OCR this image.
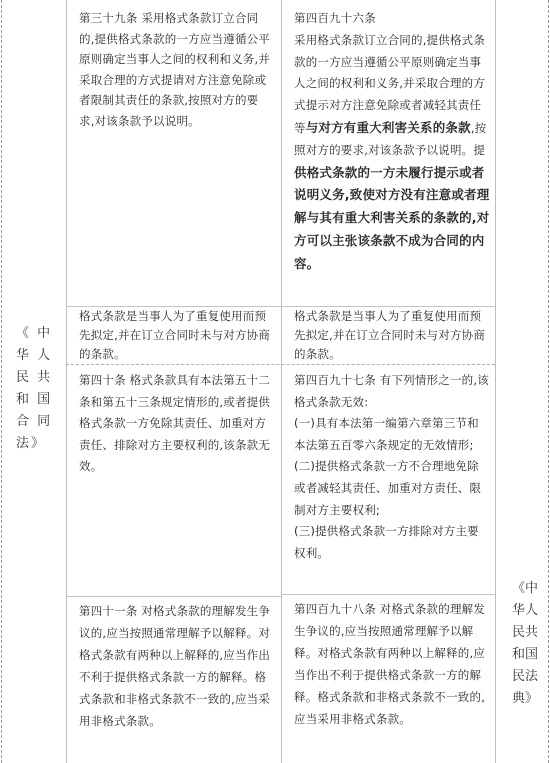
《 中
华 人
民 共
和 国
合 同
法》
《中
华人
民共
和国
民法
典》

第三十九条 采用格式条款订立合同的,提供格式条款的一方应当遵循公平原则确定当事人之间的权利和义务,并采取合理的方式提请对方注意免除或者限制其责任的条款,按照对方的要求,对该条款予以说明。

第四百九十六条

采用格式条款订立合同的,提供格式条款的一方应当遵循公平原则确定当事人之间的权利和义务,并采取合理的方式提示对方注意免除或者减轻其责任等与对方有重大利害关系的条款,按照对方的要求,对该条款予以说明。提供格式条款的一方未履行提示或者说明义务,致使对方没有注意或者理解与其有重大利害关系的条款的,对方可以主张该条款不成为合同的内容。

格式条款是当事人为了重复使用而预先拟定,并在订立合同时未与对方协商的条款。

格式条款是当事人为了重复使用而预先拟定,并在订立合同时未与对方协商的条款。

第四十条 格式条款具有本法第五十二条和第五十三条规定情形的,或者提供格式条款一方免除其责任、加重对方责任、排除对方主要权利的,该条款无效。

第四百九十七条 有下列情形之一的,该格式条款无效:

(一)具有本法第一编第六章第三节和本法第五百零六条规定的无效情形;

(二)提供格式条款一方不合理地免除或者减轻其责任、加重对方责任、限制对方主要权利;

(三)提供格式条款一方排除对方主要权利。

第四十一条 对格式条款的理解发生争议的,应当按照通常理解予以解释。对格式条款有两种以上解释的,应当作出不利于提供格式条款一方的解释。格式条款和非格式条款不一致的,应当采用非格式条款。

第四百九十八条 对格式条款的理解发生争议的,应当按照通常理解予以解释。对格式条款有两种以上解释的,应当作出不利于提供格式条款一方的解释。格式条款和非格式条款不一致的,应当采用非格式条款。
